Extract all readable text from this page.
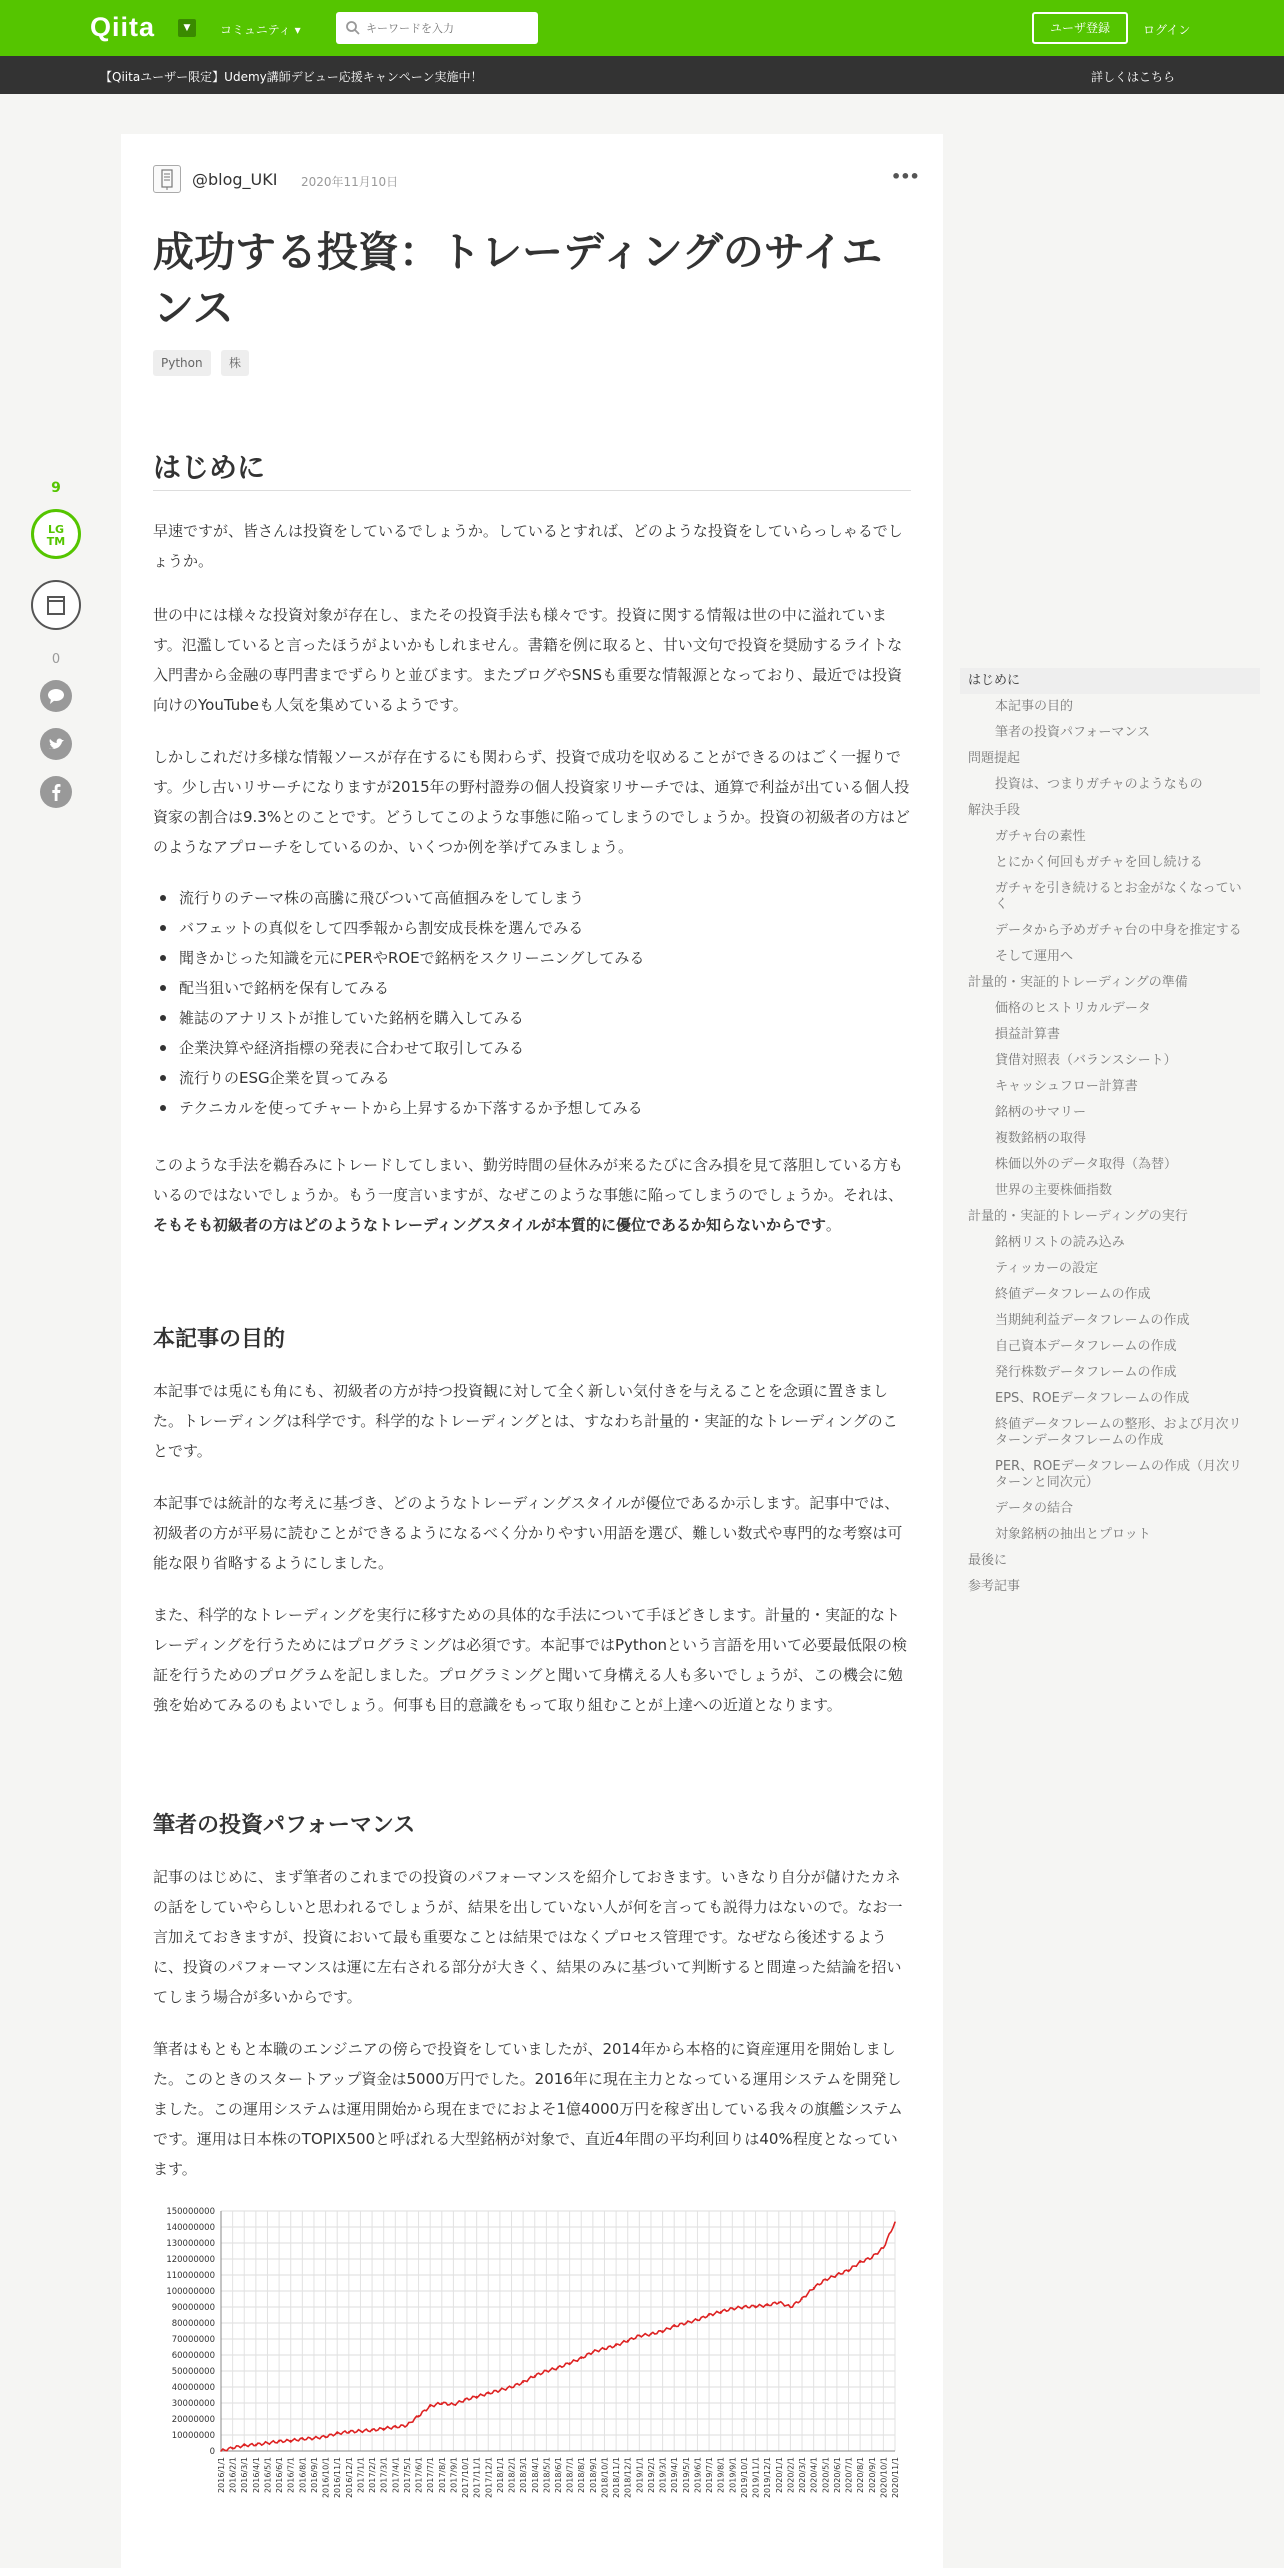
Qiita	▼	コミュニティ ▾
キーワードを入力	ユーザ登録	ログイン
【Qiitaユーザー限定】Udemy講師デビュー応援キャンペーン実施中！	詳しくはこちら
9
LG
TM
0
@blog_UKI 2020年11月10日	•••
成功する投資：トレーディングのサイエンス
Python	株
はじめに

早速ですが、皆さんは投資をしているでしょうか。しているとすれば、どのような投資をしていらっしゃるでしょうか。

世の中には様々な投資対象が存在し、またその投資手法も様々です。投資に関する情報は世の中に溢れています。氾濫していると言ったほうがよいかもしれません。書籍を例に取ると、甘い文句で投資を奨励するライトな入門書から金融の専門書までずらりと並びます。またブログやSNSも重要な情報源となっており、最近では投資向けのYouTubeも人気を集めているようです。

しかしこれだけ多様な情報ソースが存在するにも関わらず、投資で成功を収めることができるのはごく一握りです。少し古いリサーチになりますが2015年の野村證券の個人投資家リサーチでは、通算で利益が出ている個人投資家の割合は9.3%とのことです。どうしてこのような事態に陥ってしまうのでしょうか。投資の初級者の方はどのようなアプローチをしているのか、いくつか例を挙げてみましょう。

流行りのテーマ株の高騰に飛びついて高値掴みをしてしまう
バフェットの真似をして四季報から割安成長株を選んでみる
聞きかじった知識を元にPERやROEで銘柄をスクリーニングしてみる
配当狙いで銘柄を保有してみる
雑誌のアナリストが推していた銘柄を購入してみる
企業決算や経済指標の発表に合わせて取引してみる
流行りのESG企業を買ってみる
テクニカルを使ってチャートから上昇するか下落するか予想してみる

このような手法を鵜呑みにトレードしてしまい、勤労時間の昼休みが来るたびに含み損を見て落胆している方もいるのではないでしょうか。もう一度言いますが、なぜこのような事態に陥ってしまうのでしょうか。それは、そもそも初級者の方はどのようなトレーディングスタイルが本質的に優位であるか知らないからです。

本記事の目的

本記事では兎にも角にも、初級者の方が持つ投資観に対して全く新しい気付きを与えることを念頭に置きました。トレーディングは科学です。科学的なトレーディングとは、すなわち計量的・実証的なトレーディングのことです。

本記事では統計的な考えに基づき、どのようなトレーディングスタイルが優位であるか示します。記事中では、初級者の方が平易に読むことができるようになるべく分かりやすい用語を選び、難しい数式や専門的な考察は可能な限り省略するようにしました。

また、科学的なトレーディングを実行に移すための具体的な手法について手ほどきします。計量的・実証的なトレーディングを行うためにはプログラミングは必須です。本記事ではPythonという言語を用いて必要最低限の検証を行うためのプログラムを記しました。プログラミングと聞いて身構える人も多いでしょうが、この機会に勉強を始めてみるのもよいでしょう。何事も目的意識をもって取り組むことが上達への近道となります。

筆者の投資パフォーマンス

記事のはじめに、まず筆者のこれまでの投資のパフォーマンスを紹介しておきます。いきなり自分が儲けたカネの話をしていやらしいと思われるでしょうが、結果を出していない人が何を言っても説得力はないので。なお一言加えておきますが、投資において最も重要なことは結果ではなくプロセス管理です。なぜなら後述するように、投資のパフォーマンスは運に左右される部分が大きく、結果のみに基づいて判断すると間違った結論を招いてしまう場合が多いからです。

筆者はもともと本職のエンジニアの傍らで投資をしていましたが、2014年から本格的に資産運用を開始しました。このときのスタートアップ資金は5000万円でした。2016年に現在主力となっている運用システムを開発しました。この運用システムは運用開始から現在までにおよそ1億4000万円を稼ぎ出している我々の旗艦システムです。運用は日本株のTOPIX500と呼ばれる大型銘柄が対象で、直近4年間の平均利回りは40%程度となっています。

0
10000000
20000000
30000000
40000000
50000000
60000000
70000000
80000000
90000000
100000000
110000000
120000000
130000000
140000000
150000000
2016/1/1 2016/2/1 2016/3/1 2016/4/1 2016/5/1 2016/6/1 2016/7/1 2016/8/1 2016/9/1 2016/10/1 2016/11/1 2016/12/1 2017/1/1 2017/2/1 2017/3/1 2017/4/1 2017/5/1 2017/6/1 2017/7/1 2017/8/1 2017/9/1 2017/10/1 2017/11/1 2017/12/1 2018/1/1 2018/2/1 2018/3/1 2018/4/1 2018/5/1 2018/6/1 2018/7/1 2018/8/1 2018/9/1 2018/10/1 2018/11/1 2018/12/1 2019/1/1 2019/2/1 2019/3/1 2019/4/1 2019/5/1 2019/6/1 2019/7/1 2019/8/1 2019/9/1 2019/10/1 2019/11/1 2019/12/1 2020/1/1 2020/2/1 2020/3/1 2020/4/1 2020/5/1 2020/6/1 2020/7/1 2020/8/1 2020/9/1 2020/10/1 2020/11/1
はじめに
本記事の目的
筆者の投資パフォーマンス
問題提起
投資は、つまりガチャのようなもの
解決手段
ガチャ台の素性
とにかく何回もガチャを回し続ける
ガチャを引き続けるとお金がなくなっていく
データから予めガチャ台の中身を推定する
そして運用へ
計量的・実証的トレーディングの準備
価格のヒストリカルデータ
損益計算書
貸借対照表（バランスシート）
キャッシュフロー計算書
銘柄のサマリー
複数銘柄の取得
株価以外のデータ取得（為替）
世界の主要株価指数
計量的・実証的トレーディングの実行
銘柄リストの読み込み
ティッカーの設定
終値データフレームの作成
当期純利益データフレームの作成
自己資本データフレームの作成
発行株数データフレームの作成
EPS、ROEデータフレームの作成
終値データフレームの整形、および月次リターンデータフレームの作成
PER、ROEデータフレームの作成（月次リターンと同次元）
データの結合
対象銘柄の抽出とプロット
最後に
参考記事
